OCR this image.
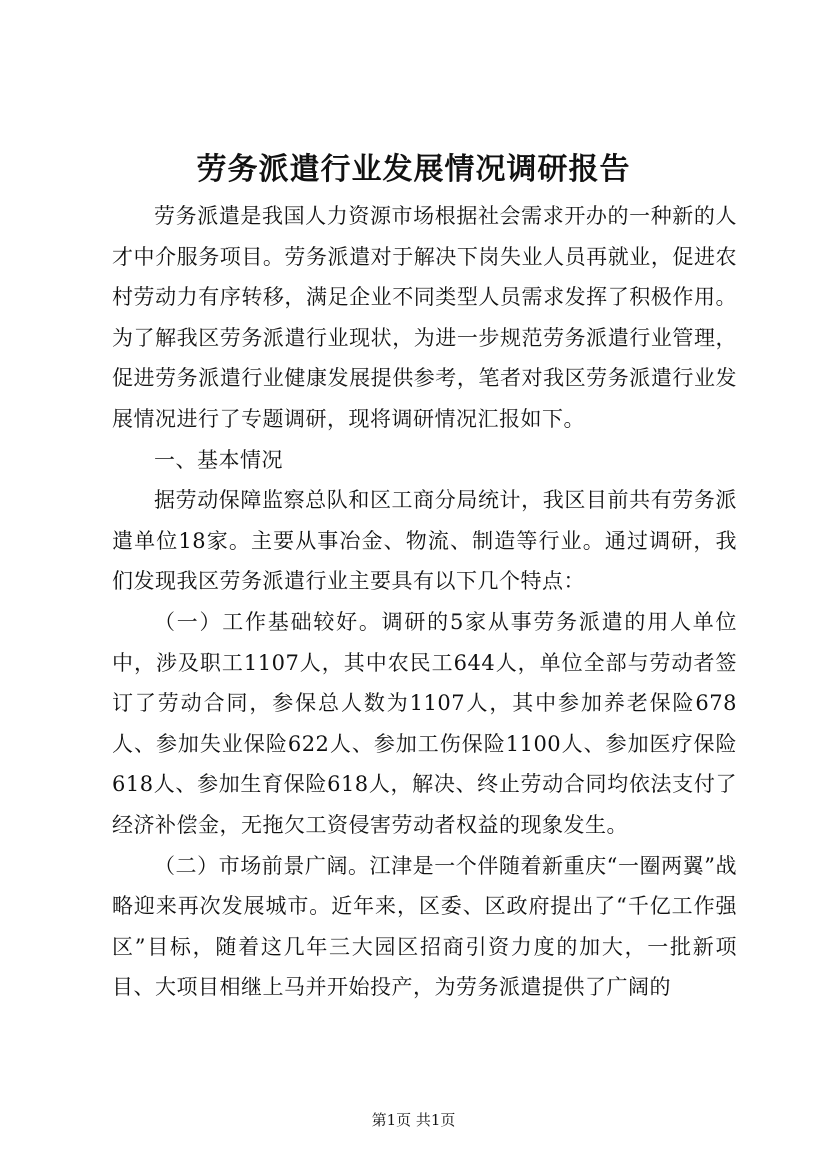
劳务派遣行业发展情况调研报告

劳务派遣是我国人力资源市场根据社会需求开办的一种新的人才中介服务项目。劳务派遣对于解决下岗失业人员再就业，促进农村劳动力有序转移，满足企业不同类型人员需求发挥了积极作用。为了解我区劳务派遣行业现状，为进一步规范劳务派遣行业管理，促进劳务派遣行业健康发展提供参考，笔者对我区劳务派遣行业发展情况进行了专题调研，现将调研情况汇报如下。

一、基本情况

据劳动保障监察总队和区工商分局统计，我区目前共有劳务派遣单位18家。主要从事冶金、物流、制造等行业。通过调研，我们发现我区劳务派遣行业主要具有以下几个特点：

（一）工作基础较好。调研的5家从事劳务派遣的用人单位中，涉及职工1107人，其中农民工644人，单位全部与劳动者签订了劳动合同，参保总人数为1107人，其中参加养老保险678人、参加失业保险622人、参加工伤保险1100人、参加医疗保险618人、参加生育保险618人，解决、终止劳动合同均依法支付了经济补偿金，无拖欠工资侵害劳动者权益的现象发生。

（二）市场前景广阔。江津是一个伴随着新重庆“一圈两翼”战略迎来再次发展城市。近年来，区委、区政府提出了“千亿工作强区”目标，随着这几年三大园区招商引资力度的加大，一批新项目、大项目相继上马并开始投产，为劳务派遣提供了广阔的

第1页 共1页
